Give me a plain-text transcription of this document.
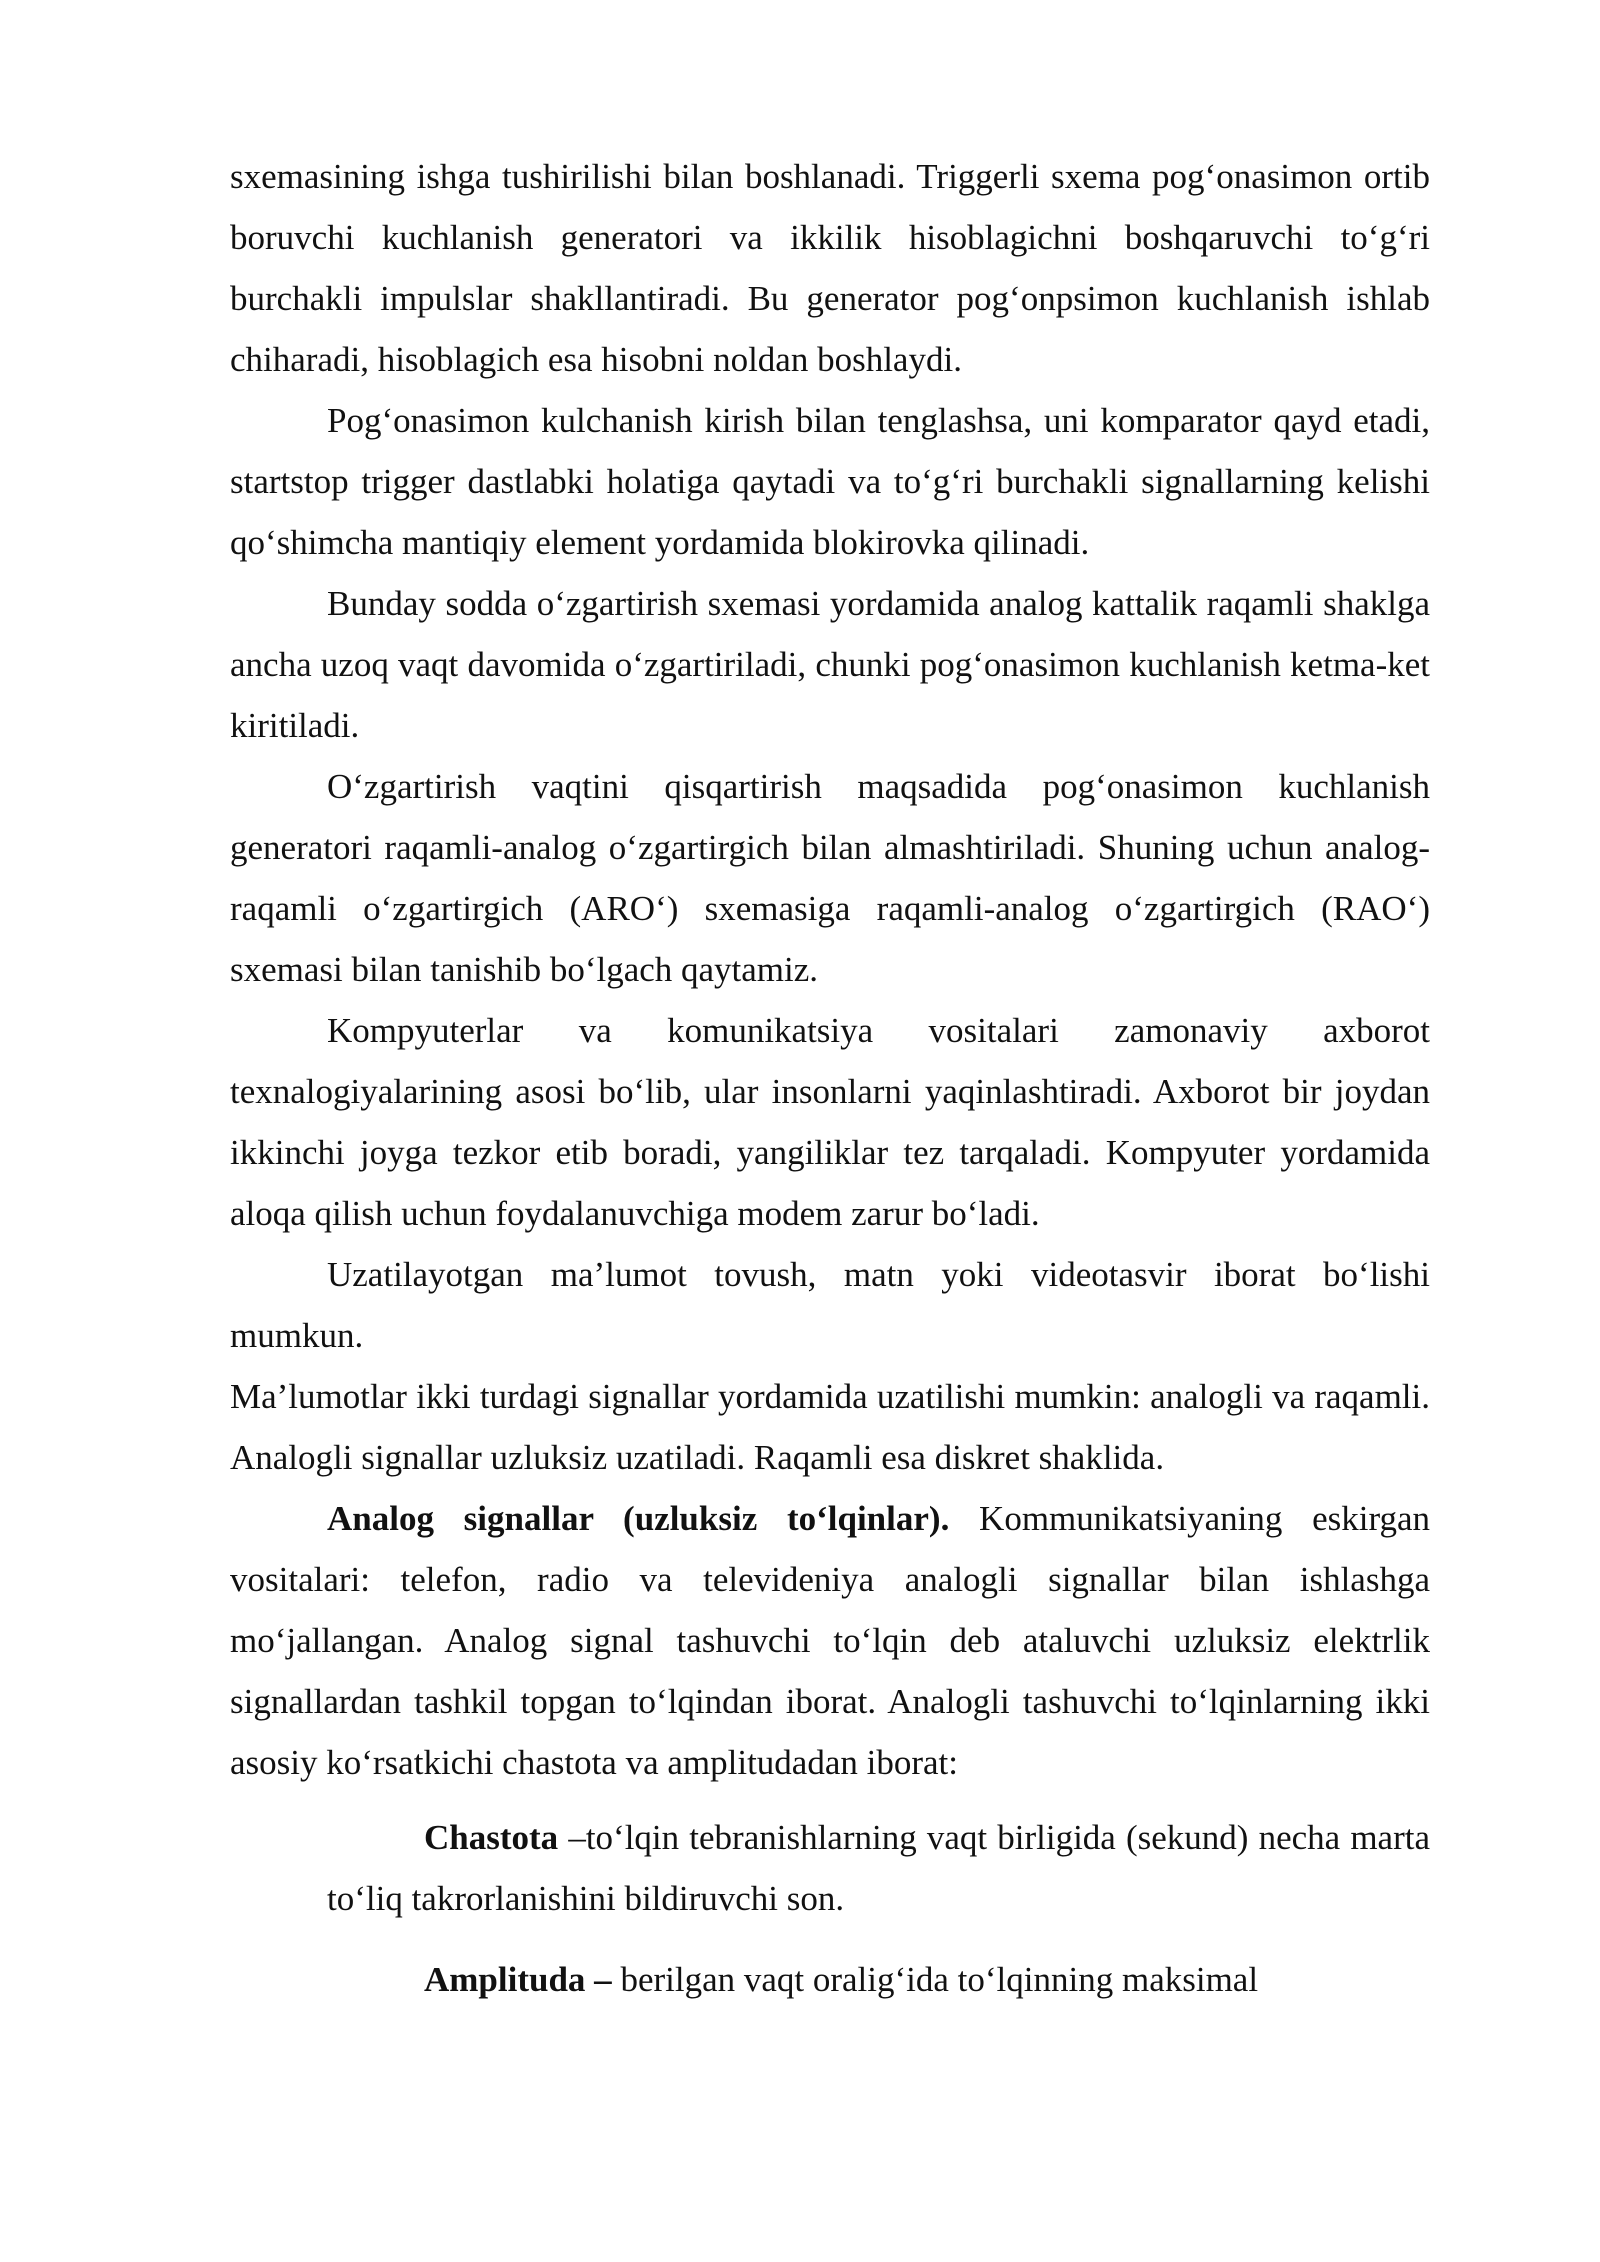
sxemasining ishga tushirilishi bilan boshlanadi. Triggerli sxema pog‘onasimon ortib boruvchi kuchlanish generatori va ikkilik hisoblagichni boshqaruvchi to‘g‘ri burchakli impulslar shakllantiradi. Bu generator pog‘onpsimon kuchlanish ishlab chiharadi, hisoblagich esa hisobni noldan boshlaydi.

Pog‘onasimon kulchanish kirish bilan tenglashsa, uni komparator qayd etadi, startstop trigger dastlabki holatiga qaytadi va to‘g‘ri burchakli signallarning kelishi qo‘shimcha mantiqiy element yordamida blokirovka qilinadi.

Bunday sodda o‘zgartirish sxemasi yordamida analog kattalik raqamli shaklga ancha uzoq vaqt davomida o‘zgartiriladi, chunki pog‘onasimon kuchlanish ketma-ket kiritiladi.

O‘zgartirish vaqtini qisqartirish maqsadida pog‘onasimon kuchlanish generatori raqamli-analog o‘zgartirgich bilan almashtiriladi. Shuning uchun analog-raqamli o‘zgartirgich (ARO‘) sxemasiga raqamli-analog o‘zgartirgich (RAO‘) sxemasi bilan tanishib bo‘lgach qaytamiz.

Kompyuterlar va komunikatsiya vositalari zamonaviy axborot texnalogiyalarining asosi bo‘lib, ular insonlarni yaqinlashtiradi. Axborot bir joydan ikkinchi joyga tezkor etib boradi, yangiliklar tez tarqaladi. Kompyuter yordamida aloqa qilish uchun foydalanuvchiga modem zarur bo‘ladi.

Uzatilayotgan ma’lumot tovush, matn yoki videotasvir iborat bo‘lishi mumkun.

Ma’lumotlar ikki turdagi signallar yordamida uzatilishi mumkin: analogli va raqamli. Analogli signallar uzluksiz uzatiladi. Raqamli esa diskret shaklida.

Analog signallar (uzluksiz to‘lqinlar). Kommunikatsiyaning eskirgan vositalari: telefon, radio va televideniya analogli signallar bilan ishlashga mo‘jallangan. Analog signal tashuvchi to‘lqin deb ataluvchi uzluksiz elektrlik signallardan tashkil topgan to‘lqindan iborat. Analogli tashuvchi to‘lqinlarning ikki asosiy ko‘rsatkichi chastota va amplitudadan iborat:

Chastota –to‘lqin tebranishlarning vaqt birligida (sekund) necha marta to‘liq takrorlanishini bildiruvchi son.

Amplituda – berilgan vaqt oralig‘ida to‘lqinning maksimal
